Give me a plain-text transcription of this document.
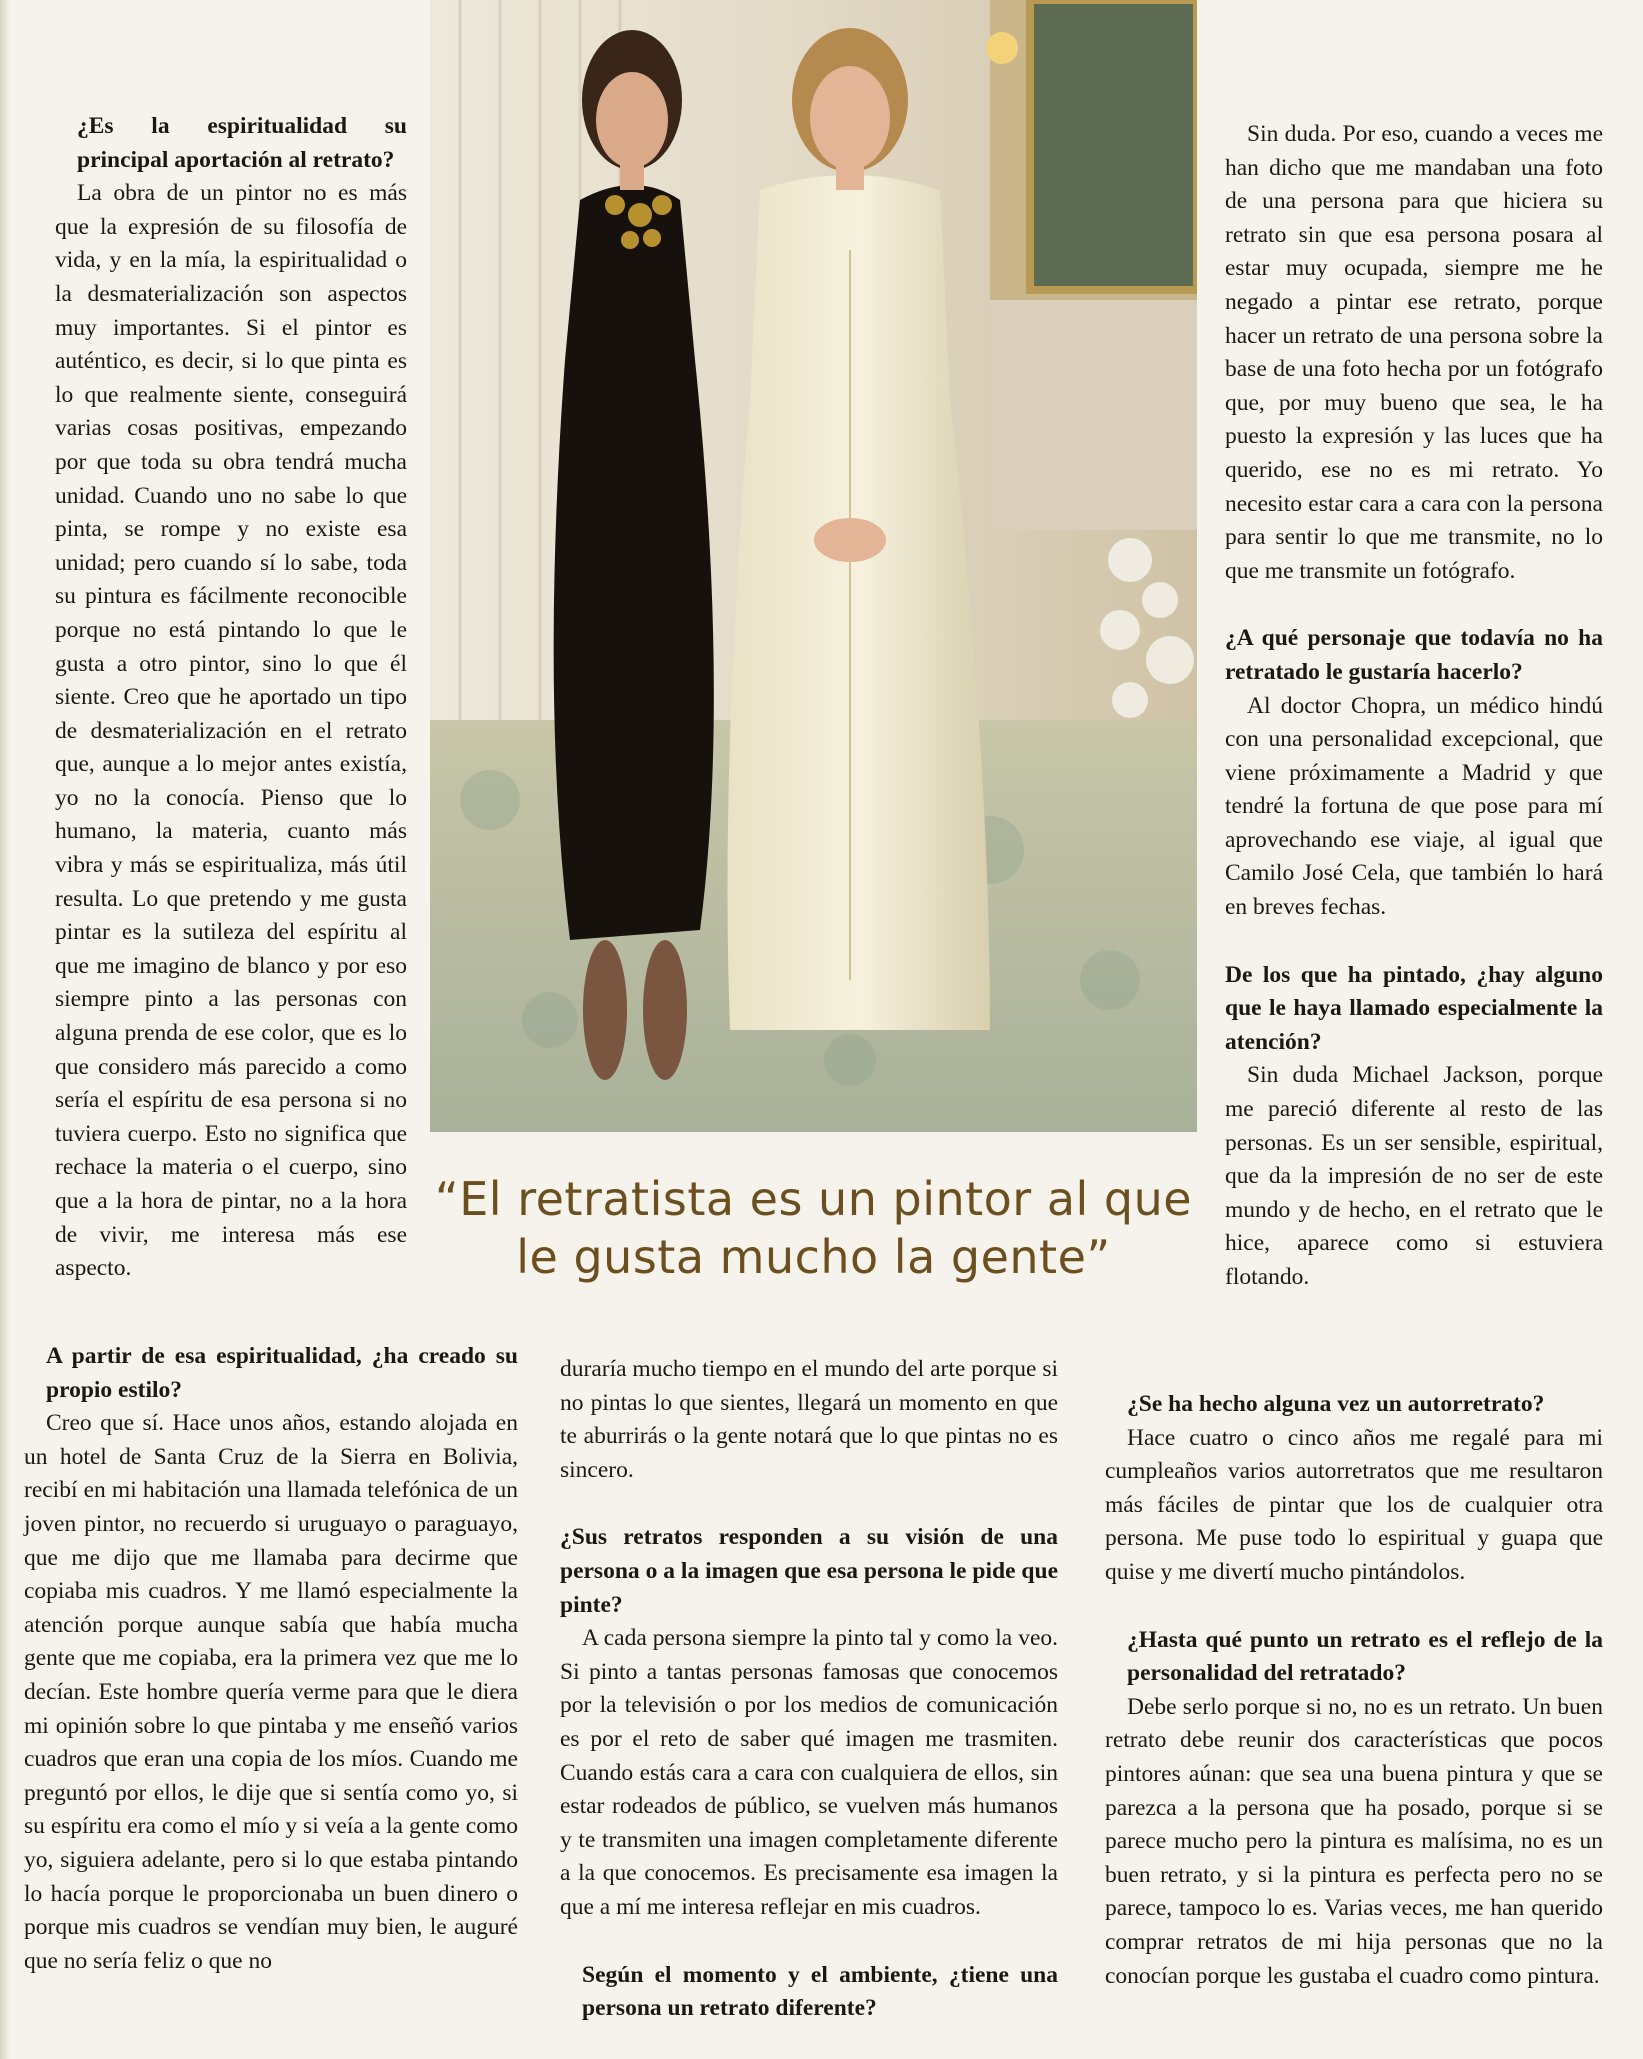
¿Es la espiritualidad su principal aportación al retrato?

La obra de un pintor no es más que la expresión de su filosofía de vida, y en la mía, la espiritualidad o la desmaterialización son aspectos muy importantes. Si el pintor es auténtico, es decir, si lo que pinta es lo que realmente siente, conseguirá varias cosas positivas, empezando por que toda su obra tendrá mucha unidad. Cuando uno no sabe lo que pinta, se rompe y no existe esa unidad; pero cuando sí lo sabe, toda su pintura es fácilmente reconocible porque no está pintando lo que le gusta a otro pintor, sino lo que él siente. Creo que he aportado un tipo de desmaterialización en el retrato que, aunque a lo mejor antes existía, yo no la conocía. Pienso que lo humano, la materia, cuanto más vibra y más se espiritualiza, más útil resulta. Lo que pretendo y me gusta pintar es la sutileza del espíritu al que me imagino de blanco y por eso siempre pinto a las personas con alguna prenda de ese color, que es lo que considero más parecido a como sería el espíritu de esa persona si no tuviera cuerpo. Esto no significa que rechace la materia o el cuerpo, sino que a la hora de pintar, no a la hora de vivir, me interesa más ese aspecto.

“El retratista es un pintor al que
le gusta mucho la gente”

Sin duda. Por eso, cuando a veces me han dicho que me mandaban una foto de una persona para que hiciera su retrato sin que esa persona posara al estar muy ocupada, siempre me he negado a pintar ese retrato, porque hacer un retrato de una persona sobre la base de una foto hecha por un fotógrafo que, por muy bueno que sea, le ha puesto la expresión y las luces que ha querido, ese no es mi retrato. Yo necesito estar cara a cara con la persona para sentir lo que me transmite, no lo que me transmite un fotógrafo.

¿A qué personaje que todavía no ha retratado le gustaría hacerlo?

Al doctor Chopra, un médico hindú con una personalidad excepcional, que viene próximamente a Madrid y que tendré la fortuna de que pose para mí aprovechando ese viaje, al igual que Camilo José Cela, que también lo hará en breves fechas.

De los que ha pintado, ¿hay alguno que le haya llamado especialmente la atención?

Sin duda Michael Jackson, porque me pareció diferente al resto de las personas. Es un ser sensible, espiritual, que da la impresión de no ser de este mundo y de hecho, en el retrato que le hice, aparece como si estuviera flotando.

A partir de esa espiritualidad, ¿ha creado su propio estilo?

Creo que sí. Hace unos años, estando alojada en un hotel de Santa Cruz de la Sierra en Bolivia, recibí en mi habitación una llamada telefónica de un joven pintor, no recuerdo si uruguayo o paraguayo, que me dijo que me llamaba para decirme que copiaba mis cuadros. Y me llamó especialmente la atención porque aunque sabía que había mucha gente que me copiaba, era la primera vez que me lo decían. Este hombre quería verme para que le diera mi opinión sobre lo que pintaba y me enseñó varios cuadros que eran una copia de los míos. Cuando me preguntó por ellos, le dije que si sentía como yo, si su espíritu era como el mío y si veía a la gente como yo, siguiera adelante, pero si lo que estaba pintando lo hacía porque le proporcionaba un buen dinero o porque mis cuadros se vendían muy bien, le auguré que no sería feliz o que no

duraría mucho tiempo en el mundo del arte porque si no pintas lo que sientes, llegará un momento en que te aburrirás o la gente notará que lo que pintas no es sincero.

¿Sus retratos responden a su visión de una persona o a la imagen que esa persona le pide que pinte?

A cada persona siempre la pinto tal y como la veo. Si pinto a tantas personas famosas que conocemos por la televisión o por los medios de comunicación es por el reto de saber qué imagen me trasmiten. Cuando estás cara a cara con cualquiera de ellos, sin estar rodeados de público, se vuelven más humanos y te transmiten una imagen completamente diferente a la que conocemos. Es precisamente esa imagen la que a mí me interesa reflejar en mis cuadros.

Según el momento y el ambiente, ¿tiene una persona un retrato diferente?

¿Se ha hecho alguna vez un autorretrato?

Hace cuatro o cinco años me regalé para mi cumpleaños varios autorretratos que me resultaron más fáciles de pintar que los de cualquier otra persona. Me puse todo lo espiritual y guapa que quise y me divertí mucho pintándolos.

¿Hasta qué punto un retrato es el reflejo de la personalidad del retratado?

Debe serlo porque si no, no es un retrato. Un buen retrato debe reunir dos características que pocos pintores aúnan: que sea una buena pintura y que se parezca a la persona que ha posado, porque si se parece mucho pero la pintura es malísima, no es un buen retrato, y si la pintura es perfecta pero no se parece, tampoco lo es. Varias veces, me han querido comprar retratos de mi hija personas que no la conocían porque les gustaba el cuadro como pintura.
